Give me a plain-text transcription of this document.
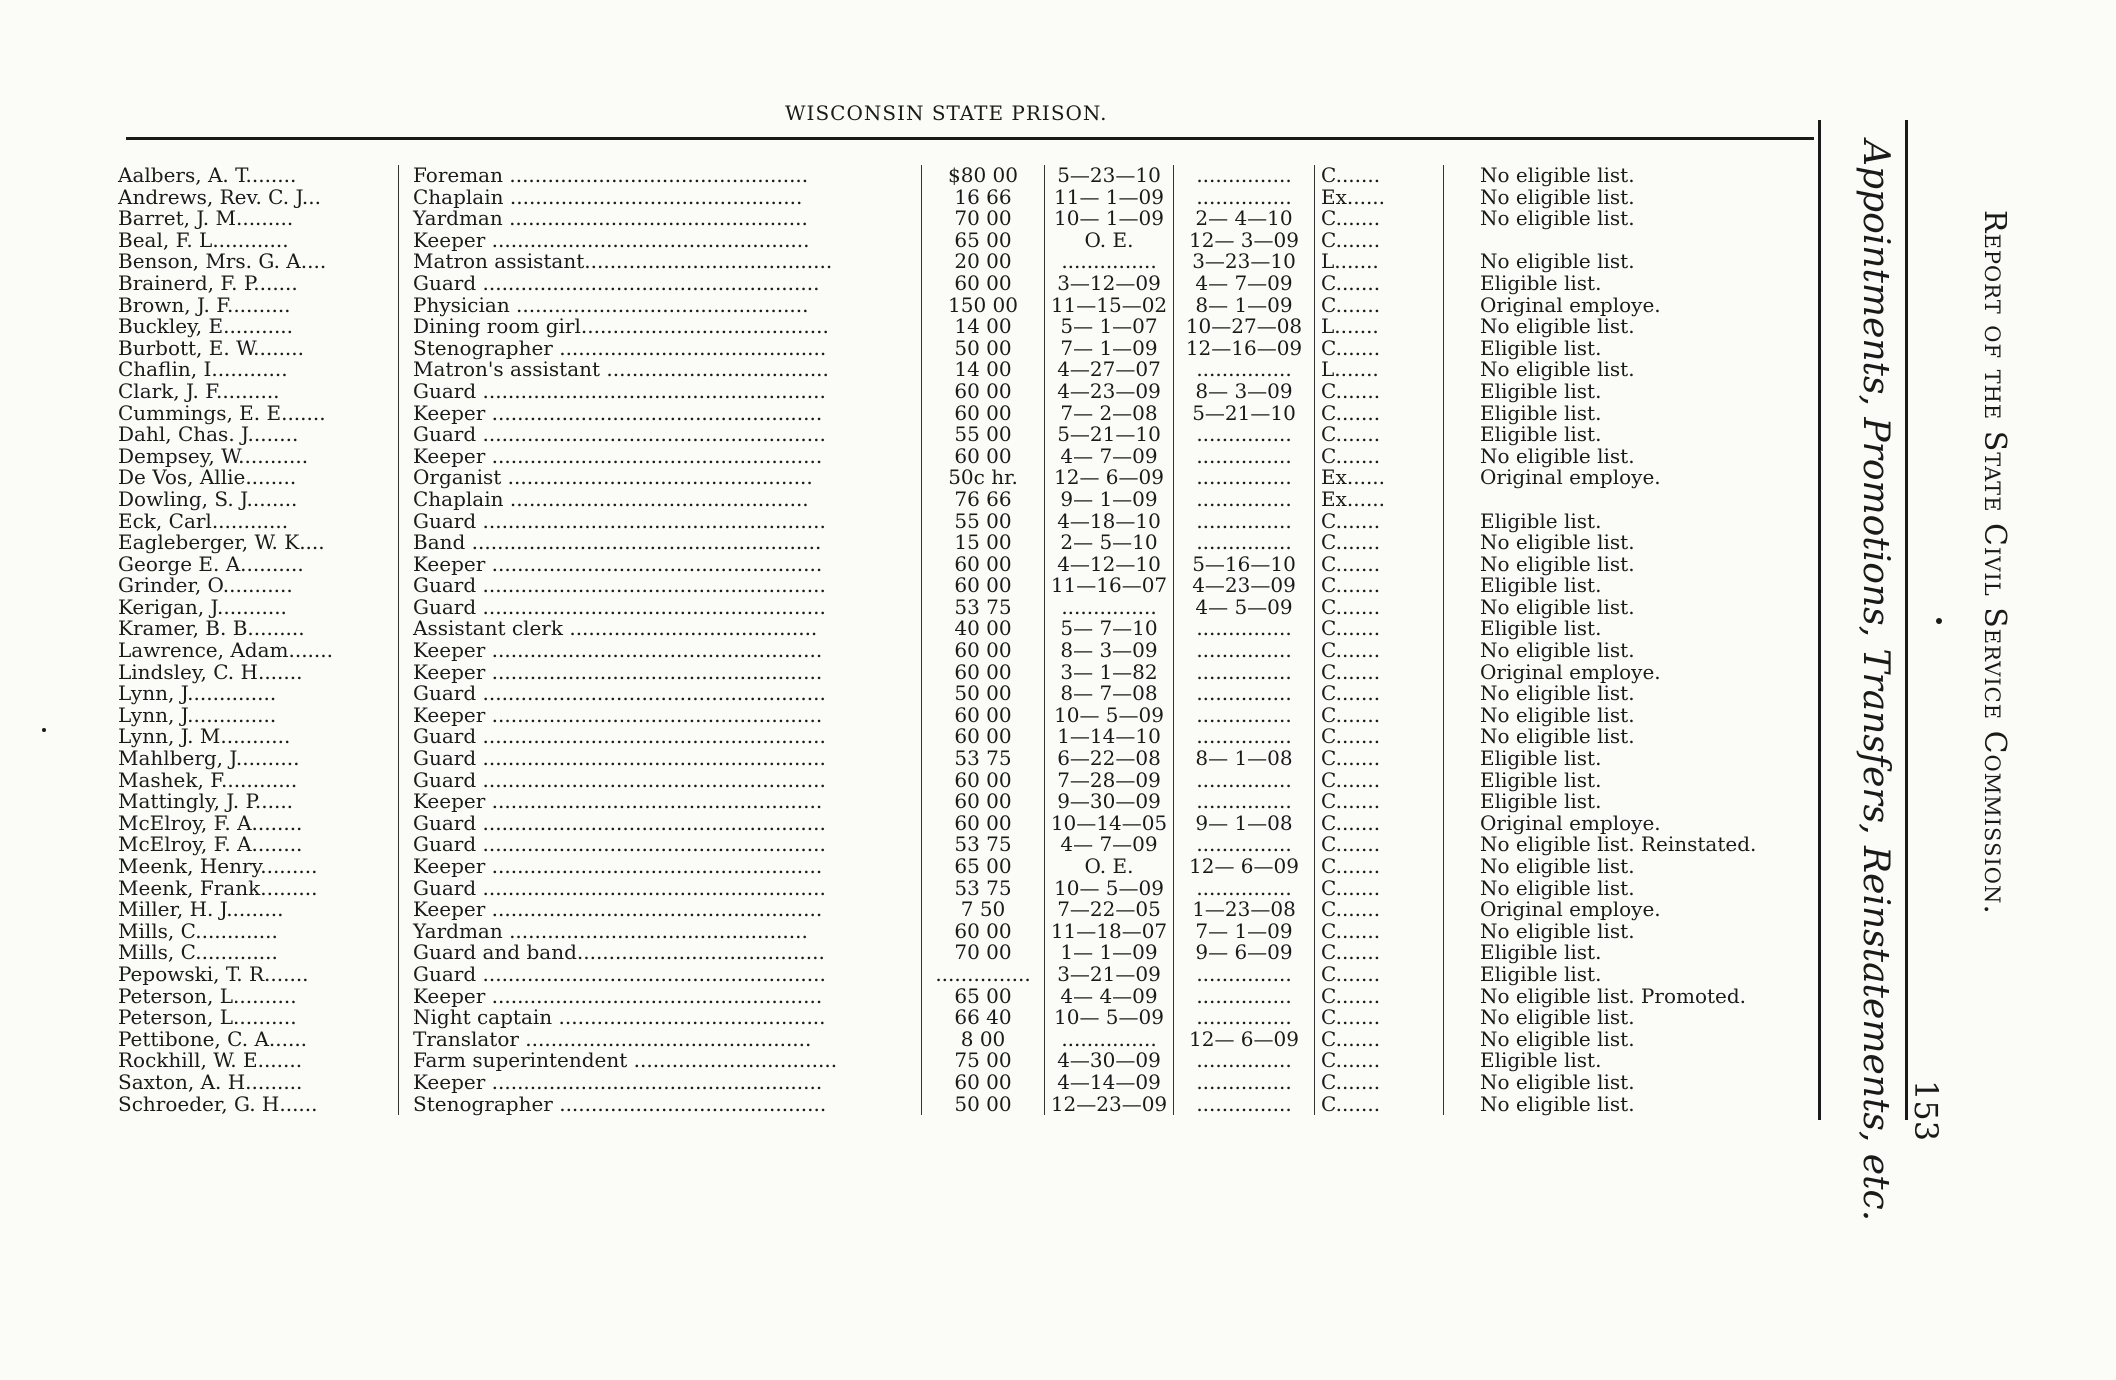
WISCONSIN STATE PRISON.
Aalbers, A. T........	Foreman ...............................................	$80 00	5—23—10	...............	C.......	No eligible list.
Andrews, Rev. C. J...	Chaplain ..............................................	16 66	11— 1—09	...............	Ex......	No eligible list.
Barret, J. M.........	Yardman ...............................................	70 00	10— 1—09	2— 4—10	C.......	No eligible list.
Beal, F. L............	Keeper ..................................................	65 00	O. E.	12— 3—09	C.......	
Benson, Mrs. G. A....	Matron assistant.......................................	20 00	...............	3—23—10	L.......	No eligible list.
Brainerd, F. P.......	Guard .....................................................	60 00	3—12—09	4— 7—09	C.......	Eligible list.
Brown, J. F..........	Physician ..............................................	150 00	11—15—02	8— 1—09	C.......	Original employe.
Buckley, E...........	Dining room girl.......................................	14 00	5— 1—07	10—27—08	L.......	No eligible list.
Burbott, E. W........	Stenographer ..........................................	50 00	7— 1—09	12—16—09	C.......	Eligible list.
Chaflin, I............	Matron's assistant ...................................	14 00	4—27—07	...............	L.......	No eligible list.
Clark, J. F..........	Guard ......................................................	60 00	4—23—09	8— 3—09	C.......	Eligible list.
Cummings, E. E.......	Keeper ....................................................	60 00	7— 2—08	5—21—10	C.......	Eligible list.
Dahl, Chas. J........	Guard ......................................................	55 00	5—21—10	...............	C.......	Eligible list.
Dempsey, W...........	Keeper ....................................................	60 00	4— 7—09	...............	C.......	No eligible list.
De Vos, Allie........	Organist ................................................	50c hr.	12— 6—09	...............	Ex......	Original employe.
Dowling, S. J........	Chaplain ...............................................	76 66	9— 1—09	...............	Ex......	
Eck, Carl............	Guard ......................................................	55 00	4—18—10	...............	C.......	Eligible list.
Eagleberger, W. K....	Band .......................................................	15 00	2— 5—10	...............	C.......	No eligible list.
George E. A..........	Keeper ....................................................	60 00	4—12—10	5—16—10	C.......	No eligible list.
Grinder, O...........	Guard ......................................................	60 00	11—16—07	4—23—09	C.......	Eligible list.
Kerigan, J...........	Guard ......................................................	53 75	...............	4— 5—09	C.......	No eligible list.
Kramer, B. B.........	Assistant clerk .......................................	40 00	5— 7—10	...............	C.......	Eligible list.
Lawrence, Adam.......	Keeper ....................................................	60 00	8— 3—09	...............	C.......	No eligible list.
Lindsley, C. H.......	Keeper ....................................................	60 00	3— 1—82	...............	C.......	Original employe.
Lynn, J..............	Guard ......................................................	50 00	8— 7—08	...............	C.......	No eligible list.
Lynn, J..............	Keeper ....................................................	60 00	10— 5—09	...............	C.......	No eligible list.
Lynn, J. M...........	Guard ......................................................	60 00	1—14—10	...............	C.......	No eligible list.
Mahlberg, J..........	Guard ......................................................	53 75	6—22—08	8— 1—08	C.......	Eligible list.
Mashek, F............	Guard ......................................................	60 00	7—28—09	...............	C.......	Eligible list.
Mattingly, J. P......	Keeper ....................................................	60 00	9—30—09	...............	C.......	Eligible list.
McElroy, F. A........	Guard ......................................................	60 00	10—14—05	9— 1—08	C.......	Original employe.
McElroy, F. A........	Guard ......................................................	53 75	4— 7—09	...............	C.......	No eligible list. Reinstated.
Meenk, Henry.........	Keeper ....................................................	65 00	O. E.	12— 6—09	C.......	No eligible list.
Meenk, Frank.........	Guard ......................................................	53 75	10— 5—09	...............	C.......	No eligible list.
Miller, H. J.........	Keeper ....................................................	7 50	7—22—05	1—23—08	C.......	Original employe.
Mills, C.............	Yardman ...............................................	60 00	11—18—07	7— 1—09	C.......	No eligible list.
Mills, C.............	Guard and band.......................................	70 00	1— 1—09	9— 6—09	C.......	Eligible list.
Pepowski, T. R.......	Guard ......................................................	...............	3—21—09	...............	C.......	Eligible list.
Peterson, L..........	Keeper ....................................................	65 00	4— 4—09	...............	C.......	No eligible list. Promoted.
Peterson, L..........	Night captain ..........................................	66 40	10— 5—09	...............	C.......	No eligible list.
Pettibone, C. A......	Translator .............................................	8 00	...............	12— 6—09	C.......	No eligible list.
Rockhill, W. E.......	Farm superintendent ................................	75 00	4—30—09	...............	C.......	Eligible list.
Saxton, A. H.........	Keeper ....................................................	60 00	4—14—09	...............	C.......	No eligible list.
Schroeder, G. H......	Stenographer ..........................................	50 00	12—23—09	...............	C.......	No eligible list.	Appointments, Promotions, Transfers, Reinstatements, etc.	Report of the State Civil Service Commission.
153
